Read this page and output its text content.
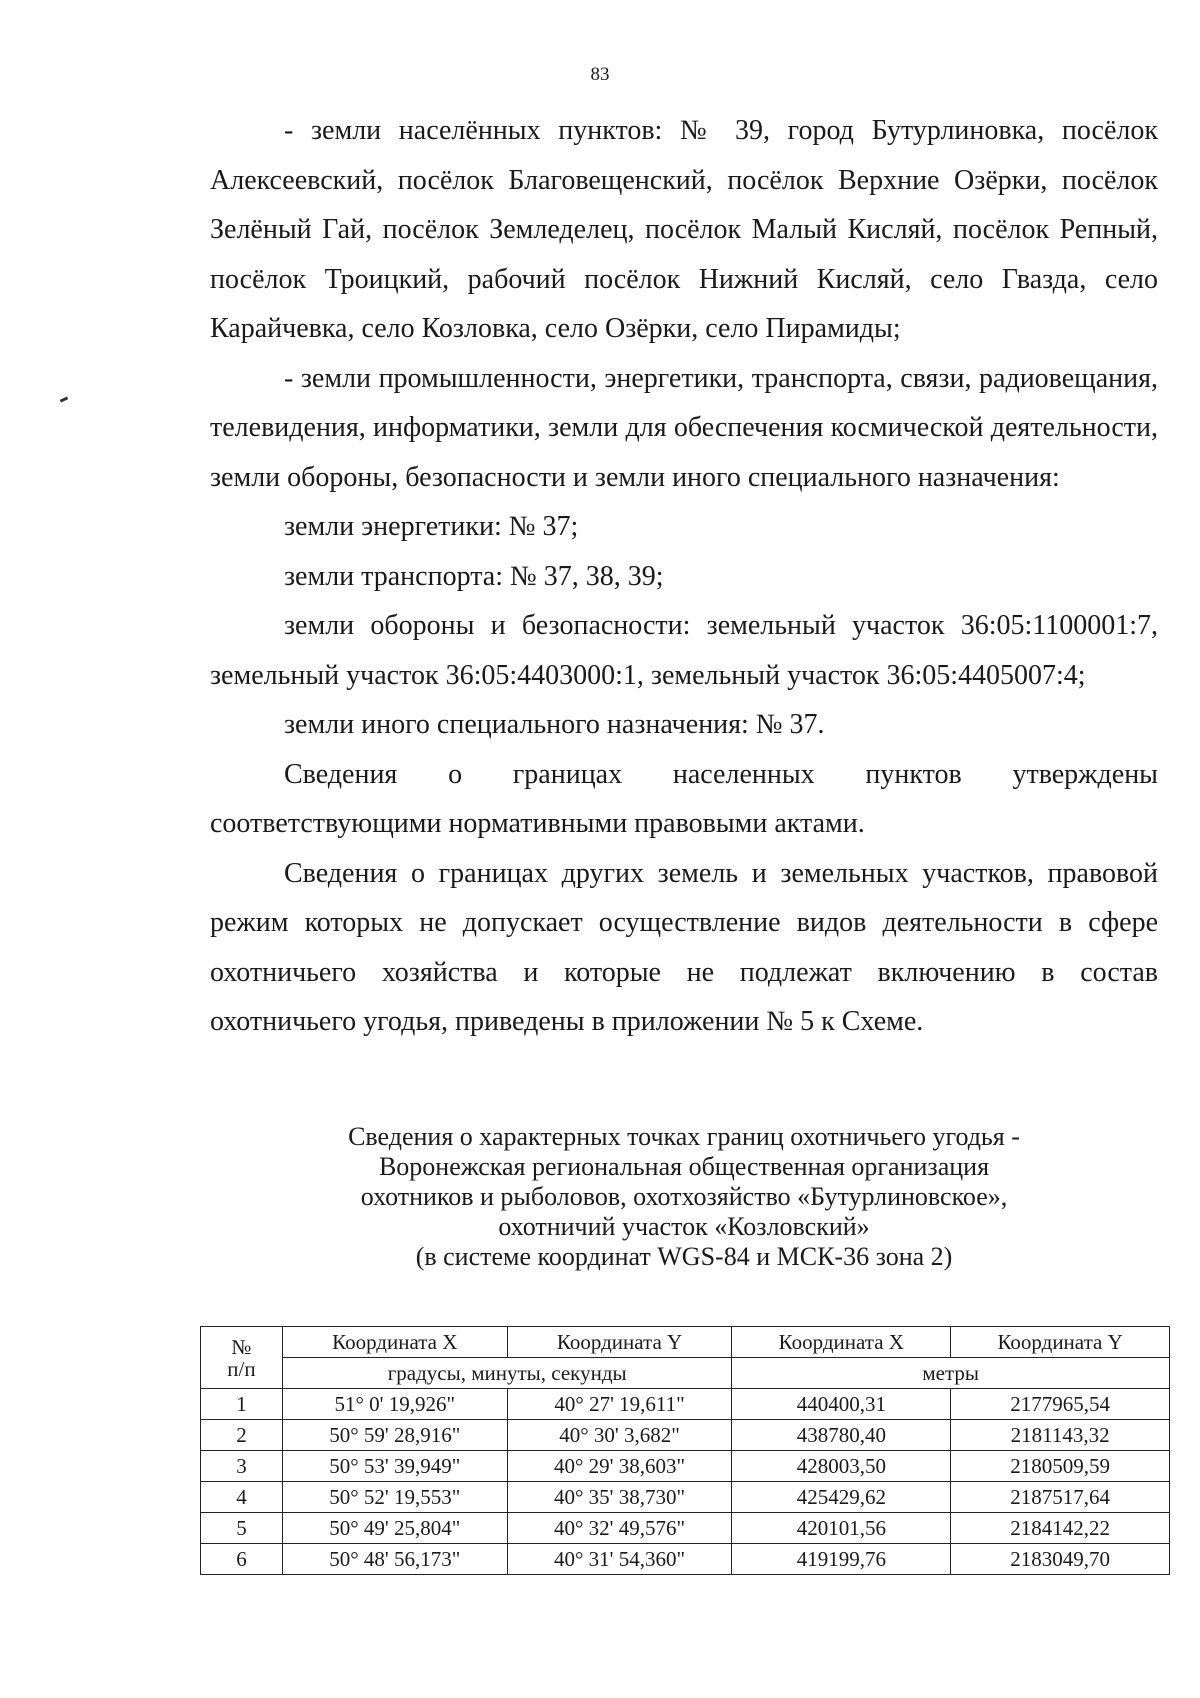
83

- земли населённых пунктов: № 39, город Бутурлиновка, посёлок Алексеевский, посёлок Благовещенский, посёлок Верхние Озёрки, посёлок Зелёный Гай, посёлок Земледелец, посёлок Малый Кисляй, посёлок Репный, посёлок Троицкий, рабочий посёлок Нижний Кисляй, село Гвазда, село Карайчевка, село Козловка, село Озёрки, село Пирамиды;

- земли промышленности, энергетики, транспорта, связи, радиовещания, телевидения, информатики, земли для обеспечения космической деятельности, земли обороны, безопасности и земли иного специального назначения:

земли энергетики: № 37;

земли транспорта: № 37, 38, 39;

земли обороны и безопасности: земельный участок 36:05:1100001:7, земельный участок 36:05:4403000:1, земельный участок 36:05:4405007:4;

земли иного специального назначения: № 37.

Сведения о границах населенных пунктов утверждены соответствующими нормативными правовыми актами.

Сведения о границах других земель и земельных участков, правовой режим которых не допускает осуществление видов деятельности в сфере охотничьего хозяйства и которые не подлежат включению в состав охотничьего угодья, приведены в приложении № 5 к Схеме.

Сведения о характерных точках границ охотничьего угодья -
Воронежская региональная общественная организация
охотников и рыболовов, охотхозяйство «Бутурлиновское»,
охотничий участок «Козловский»
(в системе координат WGS-84 и МСК-36 зона 2)
№
п/п	Координата X	Координата Y	Координата X	Координата Y
	градусы, минуты, секунды		метры	
1	51° 0' 19,926"	40° 27' 19,611"	440400,31	2177965,54
2	50° 59' 28,916"	40° 30' 3,682"	438780,40	2181143,32
3	50° 53' 39,949"	40° 29' 38,603"	428003,50	2180509,59
4	50° 52' 19,553"	40° 35' 38,730"	425429,62	2187517,64
5	50° 49' 25,804"	40° 32' 49,576"	420101,56	2184142,22
6	50° 48' 56,173"	40° 31' 54,360"	419199,76	2183049,70
